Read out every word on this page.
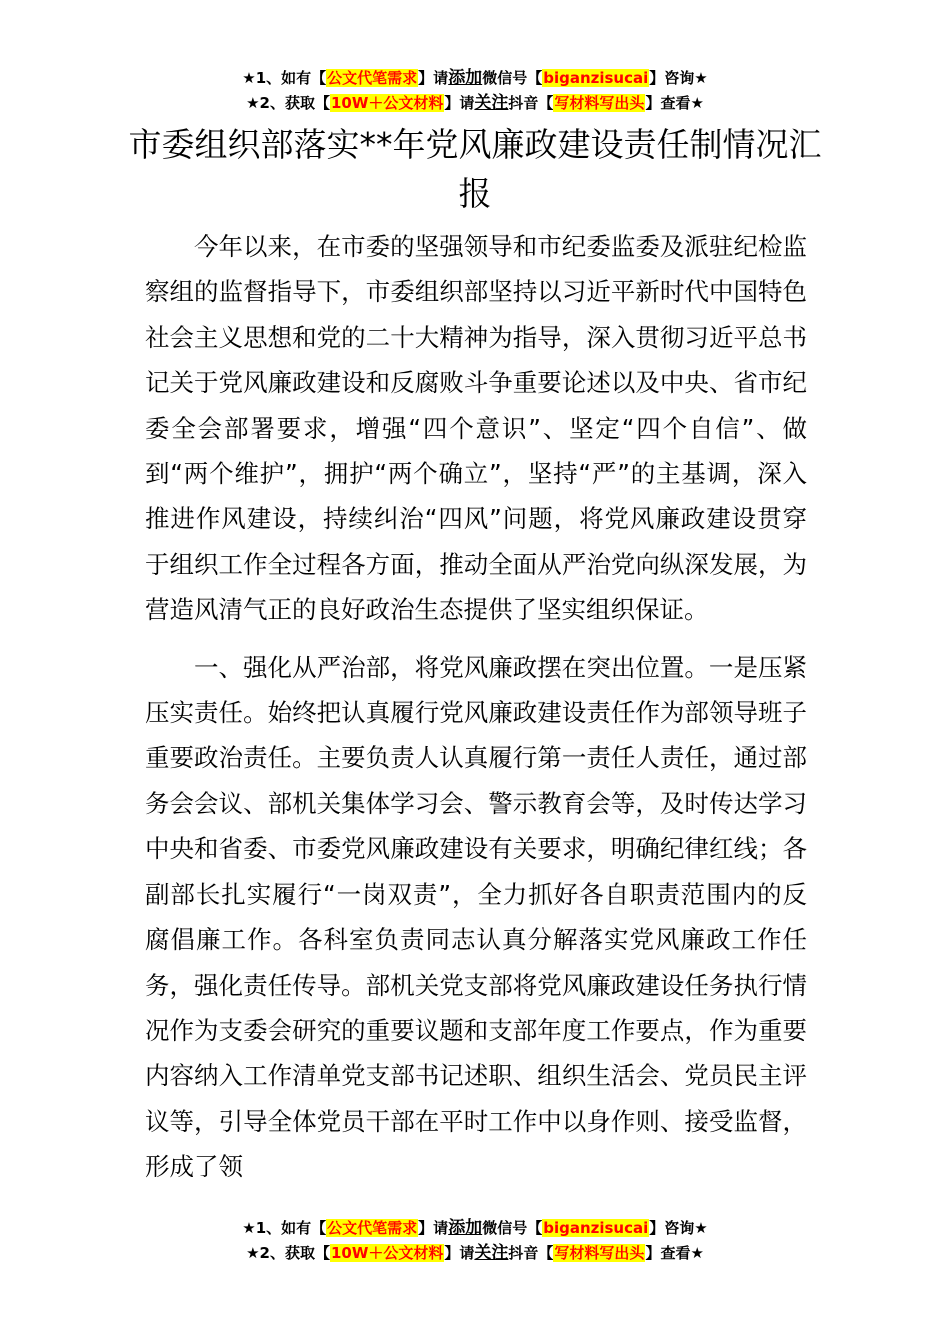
★1、如有【公文代笔需求】请添加微信号【biganzisucai】咨询★
★2、获取【10W＋公文材料】请关注抖音【写材料写出头】查看★
市委组织部落实**年党风廉政建设责任制情况汇报

今年以来，在市委的坚强领导和市纪委监委及派驻纪检监察组的监督指导下，市委组织部坚持以习近平新时代中国特色社会主义思想和党的二十大精神为指导，深入贯彻习近平总书记关于党风廉政建设和反腐败斗争重要论述以及中央、省市纪委全会部署要求，增强“四个意识”、坚定“四个自信”、做到“两个维护”，拥护“两个确立”，坚持“严”的主基调，深入推进作风建设，持续纠治“四风”问题，将党风廉政建设贯穿于组织工作全过程各方面，推动全面从严治党向纵深发展，为营造风清气正的良好政治生态提供了坚实组织保证。

一、强化从严治部，将党风廉政摆在突出位置。一是压紧压实责任。始终把认真履行党风廉政建设责任作为部领导班子重要政治责任。主要负责人认真履行第一责任人责任，通过部务会会议、部机关集体学习会、警示教育会等，及时传达学习中央和省委、市委党风廉政建设有关要求，明确纪律红线；各副部长扎实履行“一岗双责”，全力抓好各自职责范围内的反腐倡廉工作。各科室负责同志认真分解落实党风廉政工作任务，强化责任传导。部机关党支部将党风廉政建设任务执行情况作为支委会研究的重要议题和支部年度工作要点，作为重要内容纳入工作清单党支部书记述职、组织生活会、党员民主评议等，引导全体党员干部在平时工作中以身作则、接受监督，形成了领

★1、如有【公文代笔需求】请添加微信号【biganzisucai】咨询★
★2、获取【10W＋公文材料】请关注抖音【写材料写出头】查看★
